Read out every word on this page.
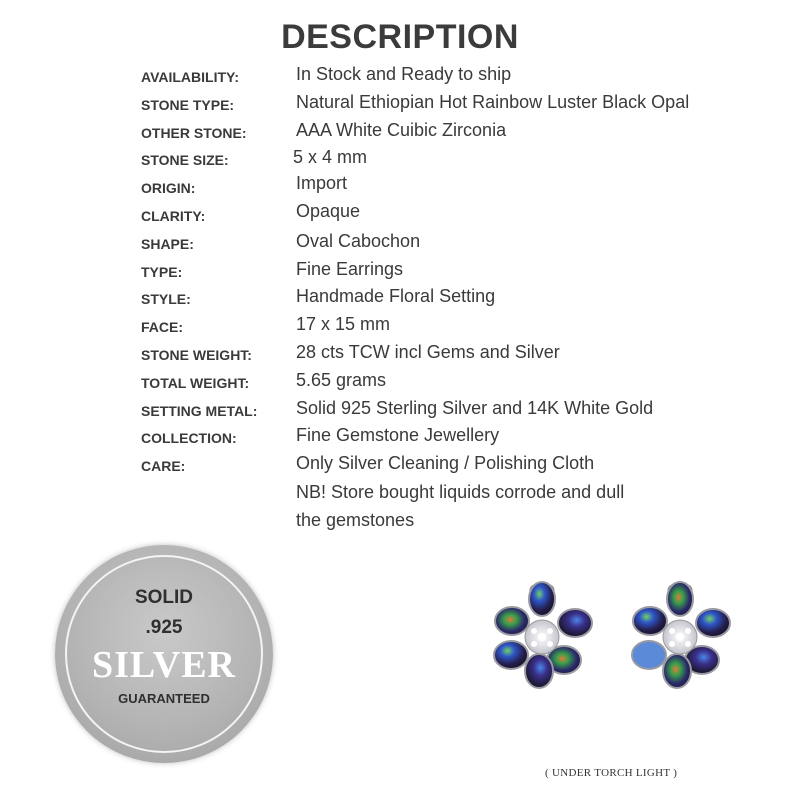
DESCRIPTION
AVAILABILITY:	In Stock and Ready to ship
STONE TYPE:	Natural Ethiopian Hot Rainbow Luster Black Opal
OTHER STONE:	AAA White Cuibic Zirconia
STONE SIZE:	5 x 4 mm
ORIGIN:	Import
CLARITY:	Opaque
SHAPE:	Oval Cabochon
TYPE:	Fine Earrings
STYLE:	Handmade Floral Setting
FACE:	17 x 15 mm
STONE WEIGHT: 28 cts TCW incl Gems and Silver
TOTAL WEIGHT:	5.65 grams
SETTING METAL: Solid 925 Sterling Silver and 14K White Gold
COLLECTION:	Fine Gemstone Jewellery
CARE:	Only Silver Cleaning / Polishing Cloth
NB! Store bought liquids corrode and dull
the gemstones
SOLID
.925
SILVER
GUARANTEED
( UNDER TORCH LIGHT )
